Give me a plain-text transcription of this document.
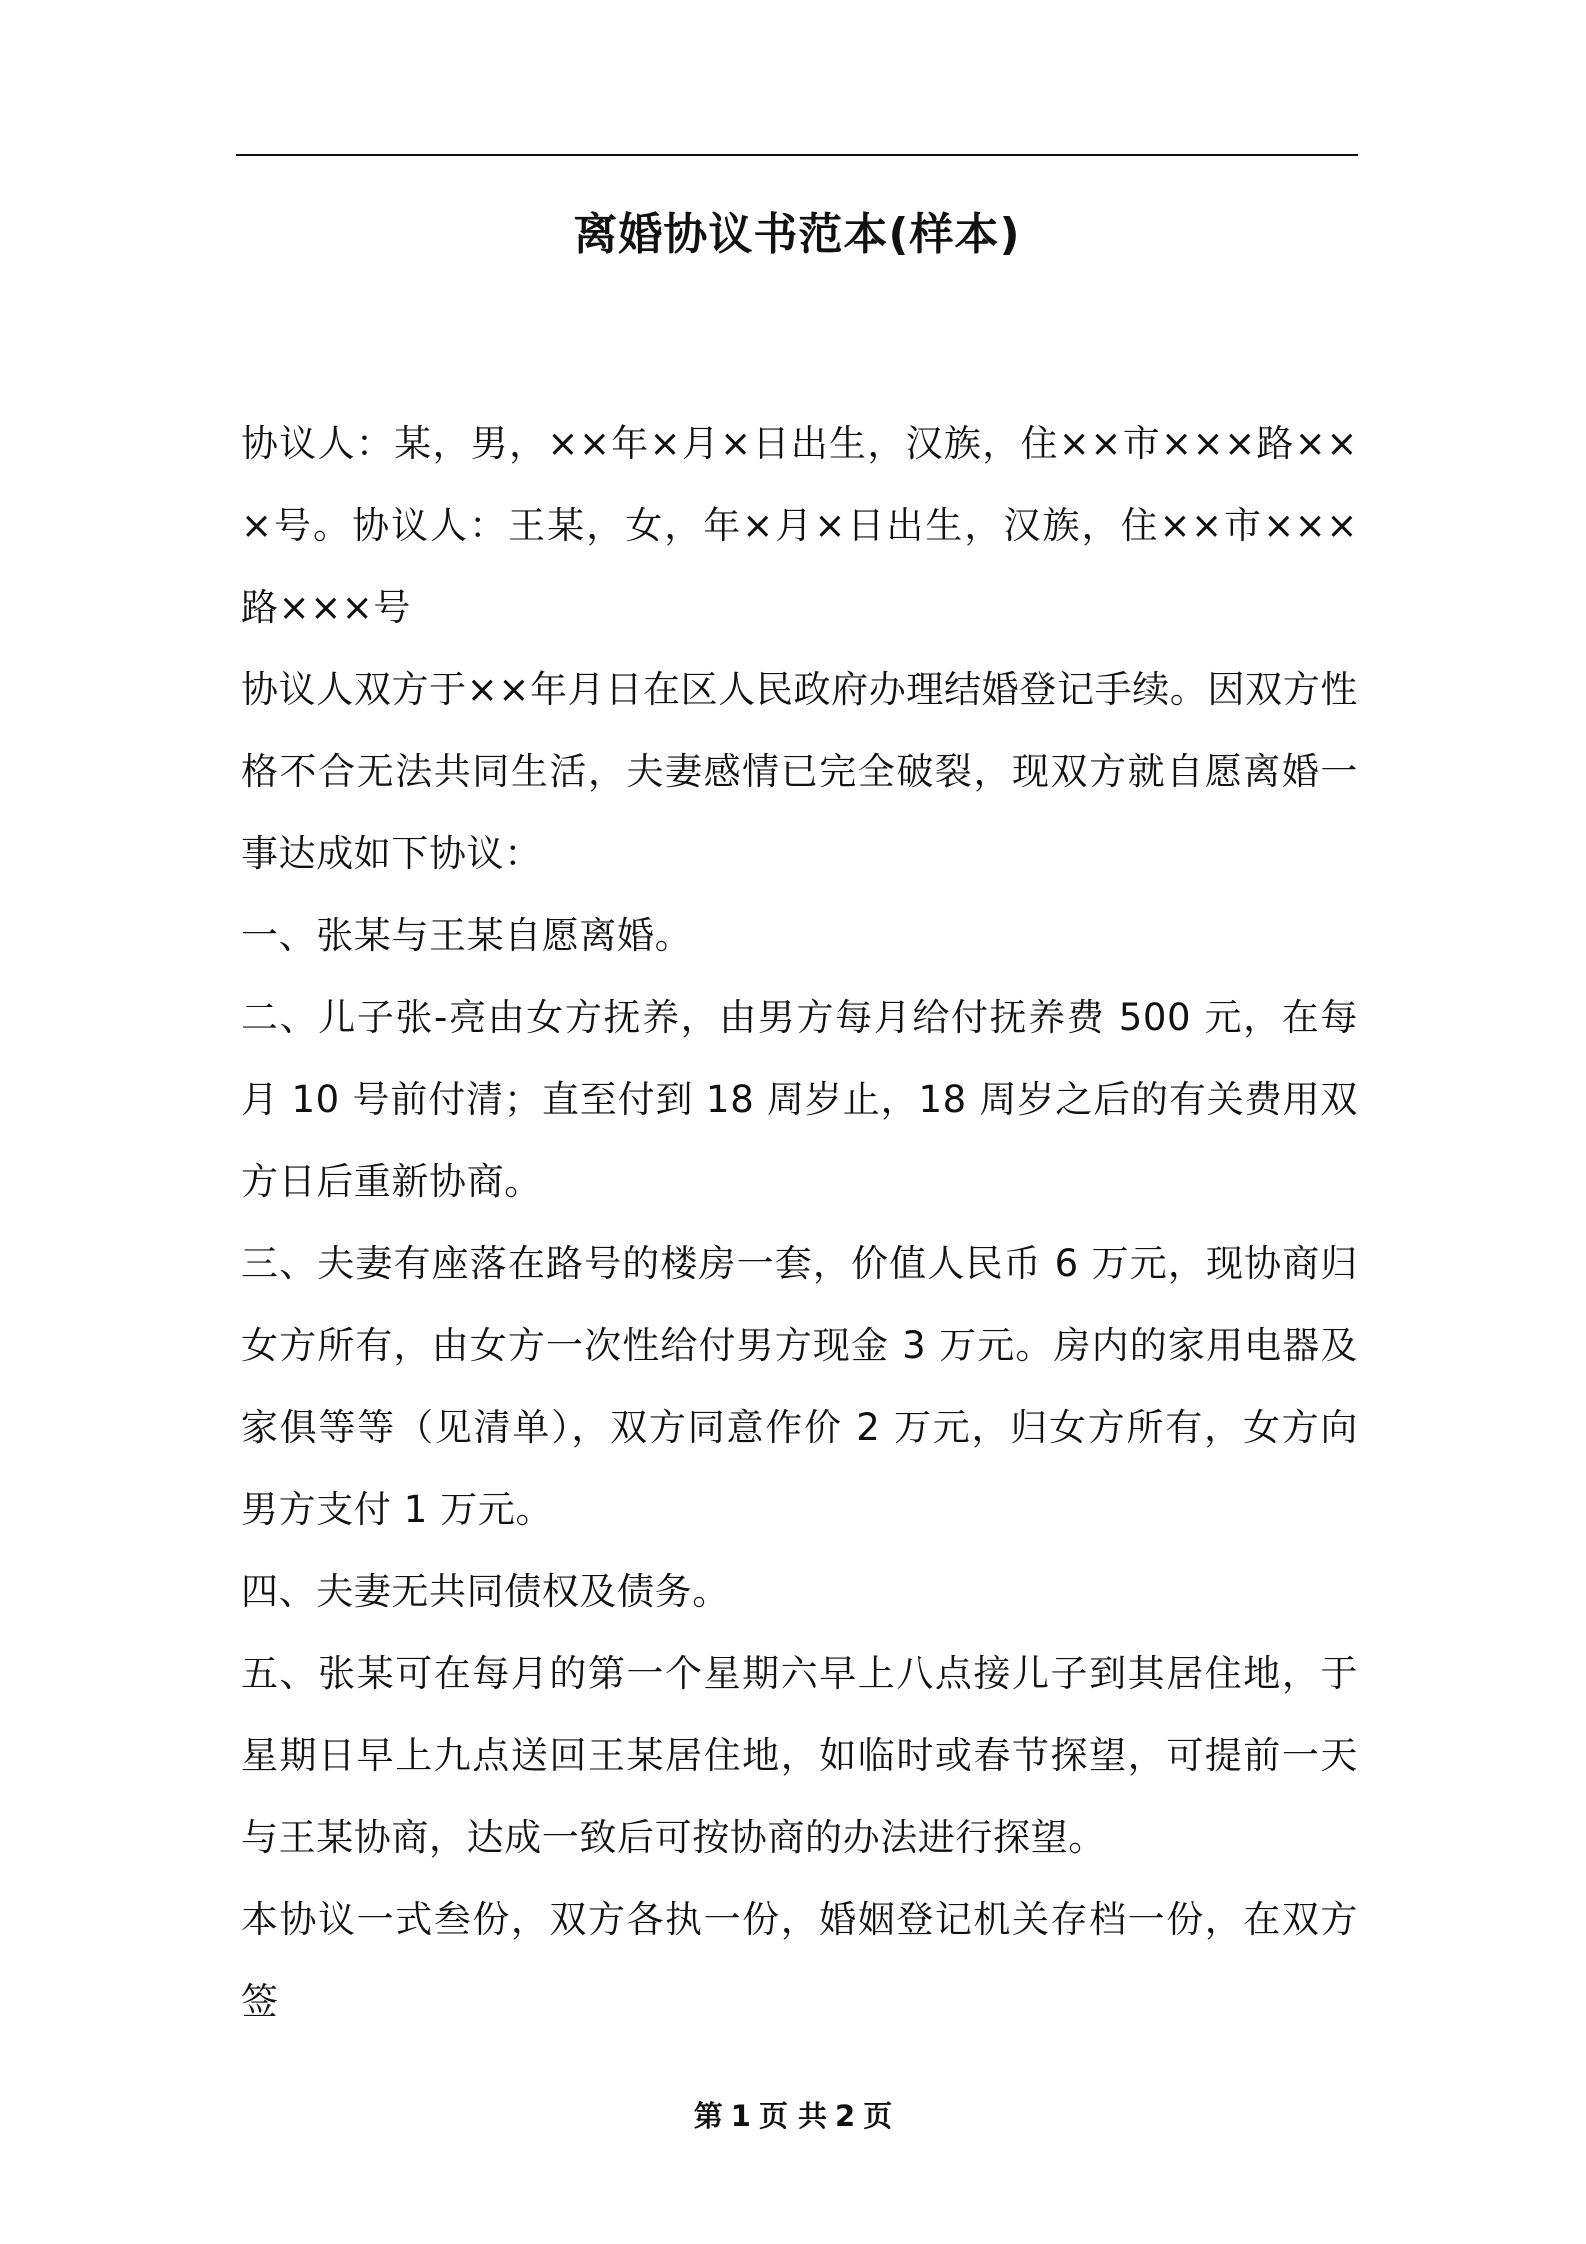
离婚协议书范本(样本)

协议人：某，男，××年×月×日出生，汉族，住××市×××路×××号。协议人：王某，女，年×月×日出生，汉族，住××市×××路×××号

协议人双方于××年月日在区人民政府办理结婚登记手续。因双方性格不合无法共同生活，夫妻感情已完全破裂，现双方就自愿离婚一事达成如下协议：

一、张某与王某自愿离婚。

二、儿子张-亮由女方抚养，由男方每月给付抚养费 500 元，在每月 10 号前付清；直至付到 18 周岁止，18 周岁之后的有关费用双方日后重新协商。

三、夫妻有座落在路号的楼房一套，价值人民币 6 万元，现协商归女方所有，由女方一次性给付男方现金 3 万元。房内的家用电器及家俱等等（见清单），双方同意作价 2 万元，归女方所有，女方向男方支付 1 万元。

四、夫妻无共同债权及债务。

五、张某可在每月的第一个星期六早上八点接儿子到其居住地，于星期日早上九点送回王某居住地，如临时或春节探望，可提前一天与王某协商，达成一致后可按协商的办法进行探望。

本协议一式叁份，双方各执一份，婚姻登记机关存档一份，在双方签

第 1 页 共 2 页
